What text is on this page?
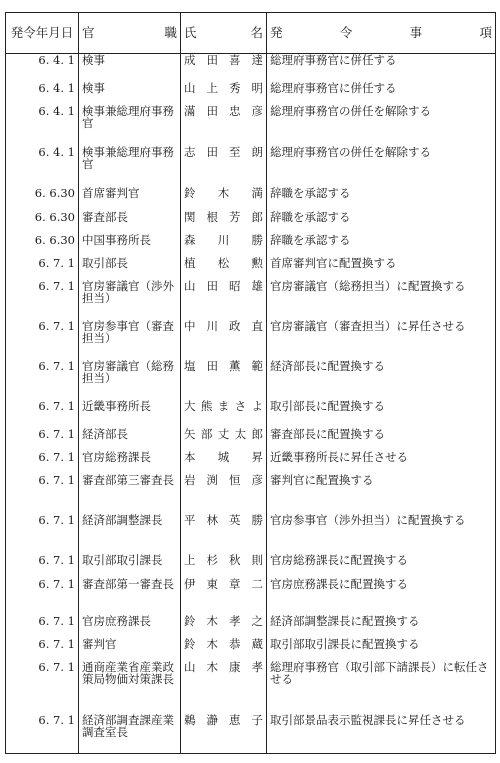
発令年月日	官職	氏名	発令事項
6. 4. 1	検事	成田喜達	総理府事務官に併任する
6. 4. 1	検事	山上秀明	総理府事務官に併任する
6. 4. 1	検事兼総理府事務官	滿田忠彦	総理府事務官の併任を解除する
6. 4. 1	検事兼総理府事務官	志田至朗	総理府事務官の併任を解除する
6. 6.30	首席審判官	鈴木満	辞職を承認する
6. 6.30	審査部長	関根芳郎	辞職を承認する
6. 6.30	中国事務所長	森川勝	辞職を承認する
6. 7. 1	取引部長	植松勲	首席審判官に配置換する
6. 7. 1	官房審議官（渉外担当）	山田昭雄	官房審議官（総務担当）に配置換する
6. 7. 1	官房参事官（審査担当）	中川政直	官房審議官（審査担当）に昇任させる
6. 7. 1	官房審議官（総務担当）	塩田薫範	経済部長に配置換する
6. 7. 1	近畿事務所長	大熊まさよ	取引部長に配置換する
6. 7. 1	経済部長	矢部丈太郎	審査部長に配置換する
6. 7. 1	官房総務課長	本城昇	近畿事務所長に昇任させる
6. 7. 1	審査部第三審査長	岩渕恒彦	審判官に配置換する
6. 7. 1	経済部調整課長	平林英勝	官房参事官（渉外担当）に配置換する
6. 7. 1	取引部取引課長	上杉秋則	官房総務課長に配置換する
6. 7. 1	審査部第一審査長	伊東章二	官房庶務課長に配置換する
6. 7. 1	官房庶務課長	鈴木孝之	経済部調整課長に配置換する
6. 7. 1	審判官	鈴木恭蔵	取引部取引課長に配置換する
6. 7. 1	通商産業省産業政策局物価対策課長	山木康孝	総理府事務官（取引部下請課長）に転任させる
6. 7. 1	経済部調査課産業調査室長	鵜瀞恵子	取引部景品表示監視課長に昇任させる
